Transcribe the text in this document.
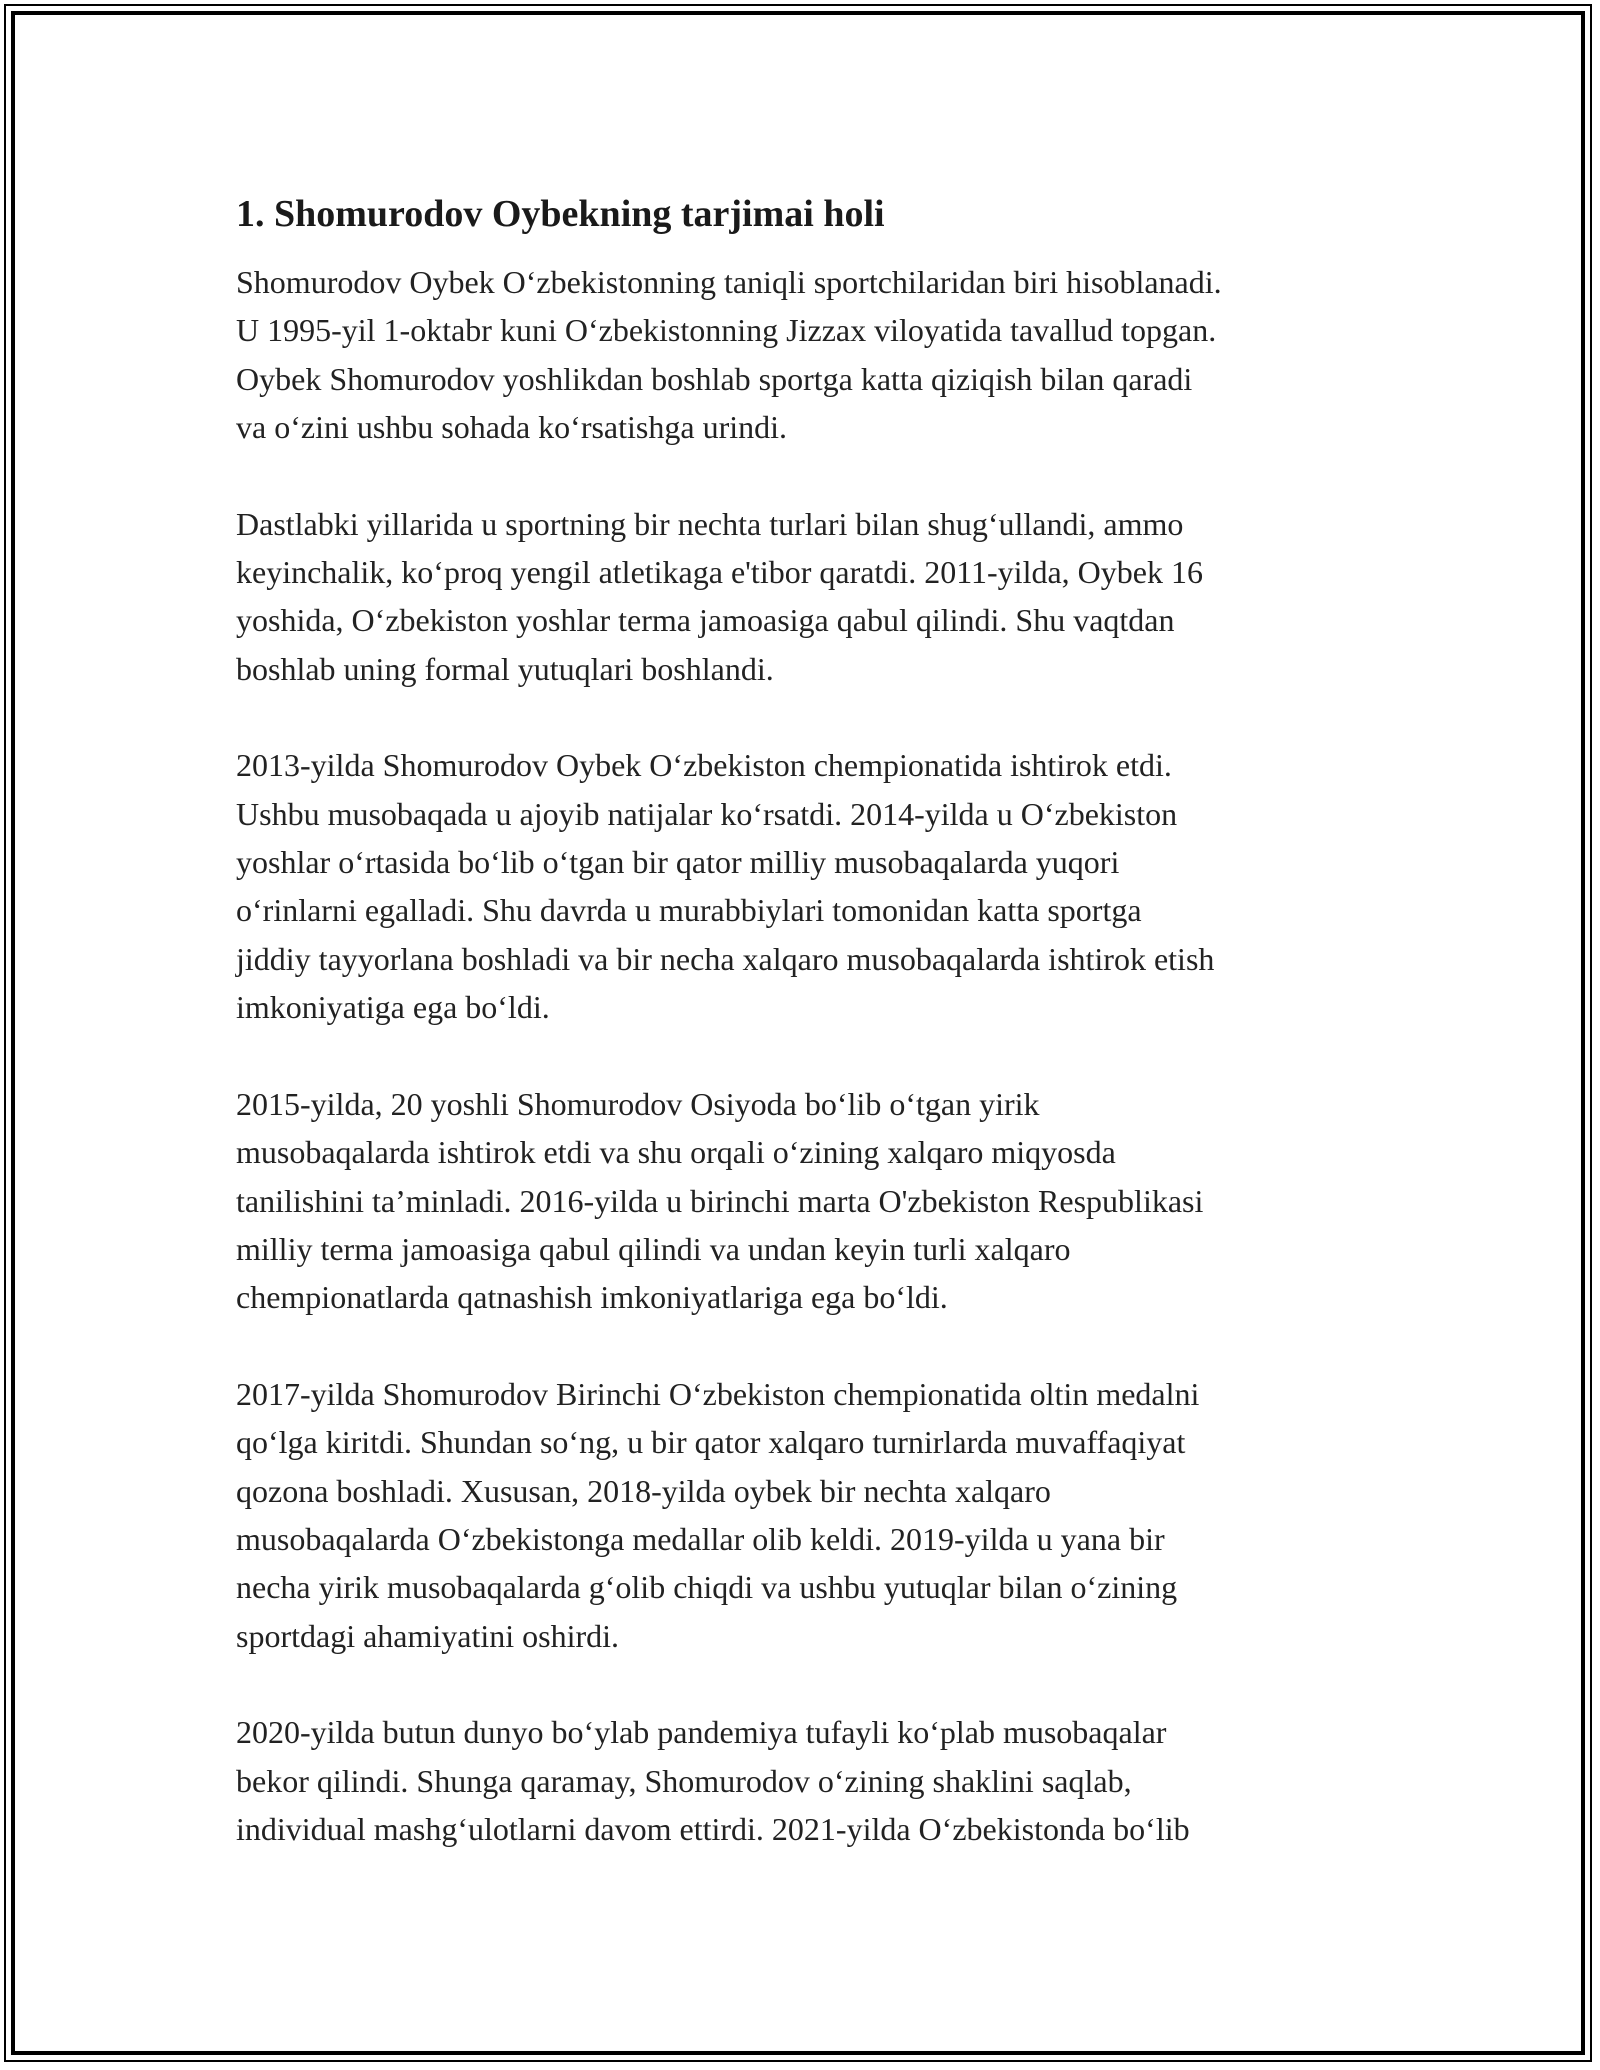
1. Shomurodov Oybekning tarjimai holi

Shomurodov Oybek O‘zbekistonning taniqli sportchilaridan biri hisoblanadi.
U 1995-yil 1-oktabr kuni O‘zbekistonning Jizzax viloyatida tavallud topgan.
Oybek Shomurodov yoshlikdan boshlab sportga katta qiziqish bilan qaradi
va o‘zini ushbu sohada ko‘rsatishga urindi.

Dastlabki yillarida u sportning bir nechta turlari bilan shug‘ullandi, ammo
keyinchalik, ko‘proq yengil atletikaga e'tibor qaratdi. 2011-yilda, Oybek 16
yoshida, O‘zbekiston yoshlar terma jamoasiga qabul qilindi. Shu vaqtdan
boshlab uning formal yutuqlari boshlandi.

2013-yilda Shomurodov Oybek O‘zbekiston chempionatida ishtirok etdi.
Ushbu musobaqada u ajoyib natijalar ko‘rsatdi. 2014-yilda u O‘zbekiston
yoshlar o‘rtasida bo‘lib o‘tgan bir qator milliy musobaqalarda yuqori
o‘rinlarni egalladi. Shu davrda u murabbiylari tomonidan katta sportga
jiddiy tayyorlana boshladi va bir necha xalqaro musobaqalarda ishtirok etish
imkoniyatiga ega bo‘ldi.

2015-yilda, 20 yoshli Shomurodov Osiyoda bo‘lib o‘tgan yirik
musobaqalarda ishtirok etdi va shu orqali o‘zining xalqaro miqyosda
tanilishini ta’minladi. 2016-yilda u birinchi marta O'zbekiston Respublikasi
milliy terma jamoasiga qabul qilindi va undan keyin turli xalqaro
chempionatlarda qatnashish imkoniyatlariga ega bo‘ldi.

2017-yilda Shomurodov Birinchi O‘zbekiston chempionatida oltin medalni
qo‘lga kiritdi. Shundan so‘ng, u bir qator xalqaro turnirlarda muvaffaqiyat
qozona boshladi. Xususan, 2018-yilda oybek bir nechta xalqaro
musobaqalarda O‘zbekistonga medallar olib keldi. 2019-yilda u yana bir
necha yirik musobaqalarda g‘olib chiqdi va ushbu yutuqlar bilan o‘zining
sportdagi ahamiyatini oshirdi.

2020-yilda butun dunyo bo‘ylab pandemiya tufayli ko‘plab musobaqalar
bekor qilindi. Shunga qaramay, Shomurodov o‘zining shaklini saqlab,
individual mashg‘ulotlarni davom ettirdi. 2021-yilda O‘zbekistonda bo‘lib
